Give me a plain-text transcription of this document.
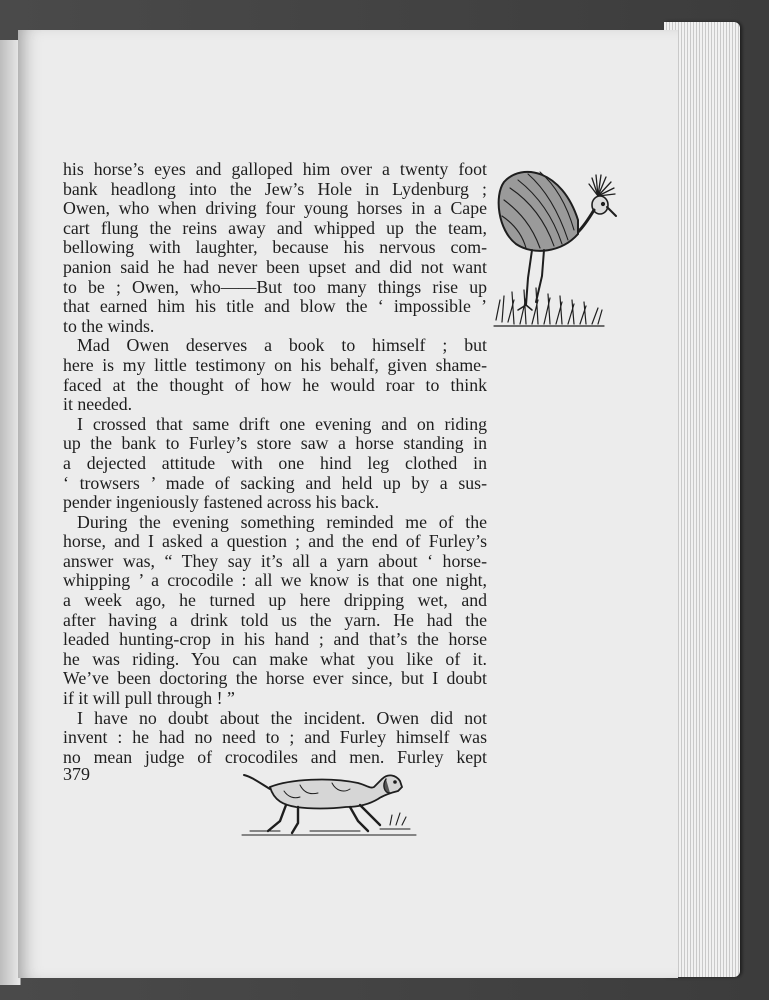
his horse’s eyes and galloped him over a twenty foot
bank headlong into the Jew’s Hole in Lydenburg ;
Owen, who when driving four young horses in a Cape
cart flung the reins away and whipped up the team,
bellowing with laughter, because his nervous com-
panion said he had never been upset and did not want
to be ; Owen, who——But too many things rise up
that earned him his title and blow the ‘ impossible ’
to the winds.
Mad Owen deserves a book to himself ; but
here is my little testimony on his behalf, given shame-
faced at the thought of how he would roar to think
it needed.
I crossed that same drift one evening and on riding
up the bank to Furley’s store saw a horse standing in
a dejected attitude with one hind leg clothed in
‘ trowsers ’ made of sacking and held up by a sus-
pender ingeniously fastened across his back.
During the evening something reminded me of the
horse, and I asked a question ; and the end of Furley’s
answer was, “ They say it’s all a yarn about ‘ horse-
whipping ’ a crocodile : all we know is that one night,
a week ago, he turned up here dripping wet, and
after having a drink told us the yarn. He had the
leaded hunting-crop in his hand ; and that’s the horse
he was riding. You can make what you like of it.
We’ve been doctoring the horse ever since, but I doubt
if it will pull through ! ”
I have no doubt about the incident. Owen did not
invent : he had no need to ; and Furley himself was
no mean judge of crocodiles and men. Furley kept
379
